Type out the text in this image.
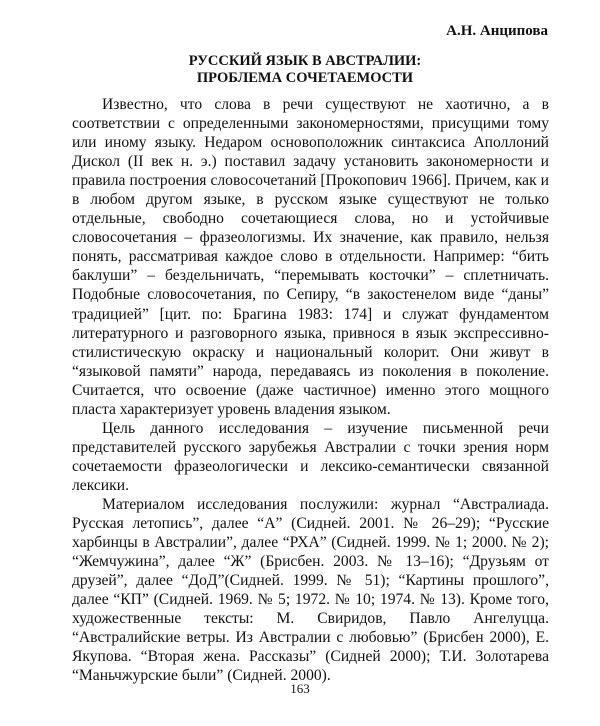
А.Н. Анципова
РУССКИЙ ЯЗЫК В АВСТРАЛИИ:
ПРОБЛЕМА СОЧЕТАЕМОСТИ

Известно, что слова в речи существуют не хаотично, а в соответствии с определенными закономерностями, присущими тому или иному языку. Недаром основоположник синтаксиса Аполлоний Дискол (II век н. э.) поставил задачу установить закономерности и правила построения словосочетаний [Прокопович 1966]. Причем, как и в любом другом языке, в русском языке существуют не только отдельные, свободно сочетающиеся слова, но и устойчивые словосочетания – фразеологизмы. Их значение, как правило, нельзя понять, рассматривая каждое слово в отдельности. Например: “бить баклуши” – бездельничать, “перемывать косточки” – сплетничать. Подобные словосочетания, по Сепиру, “в закостенелом виде “даны” традицией” [цит. по: Брагина 1983: 174] и служат фундаментом литературного и разговорного языка, привнося в язык экспрессивно-стилистическую окраску и национальный колорит. Они живут в “языковой памяти” народа, передаваясь из поколения в поколение. Считается, что освоение (даже частичное) именно этого мощного пласта характеризует уровень владения языком.

Цель данного исследования – изучение письменной речи представителей русского зарубежья Австралии с точки зрения норм сочетаемости фразеологически и лексико-семантически связанной лексики.

Материалом исследования послужили: журнал “Австралиада. Русская летопись”, далее “А” (Сидней. 2001. № 26–29); “Русские харбинцы в Австралии”, далее “РХА” (Сидней. 1999. № 1; 2000. № 2); “Жемчужина”, далее “Ж” (Брисбен. 2003. № 13–16); “Друзьям от друзей”, далее “ДоД”(Сидней. 1999. № 51); “Картины прошлого”, далее “КП” (Сидней. 1969. № 5; 1972. № 10; 1974. № 13). Кроме того, художественные тексты: М. Свиридов, Павло Ангелуцца. “Австралийские ветры. Из Австралии с любовью” (Брисбен 2000), Е. Якупова. “Вторая жена. Рассказы” (Сидней 2000); Т.И. Золотарева “Маньчжурские были” (Сидней. 2000).

163
